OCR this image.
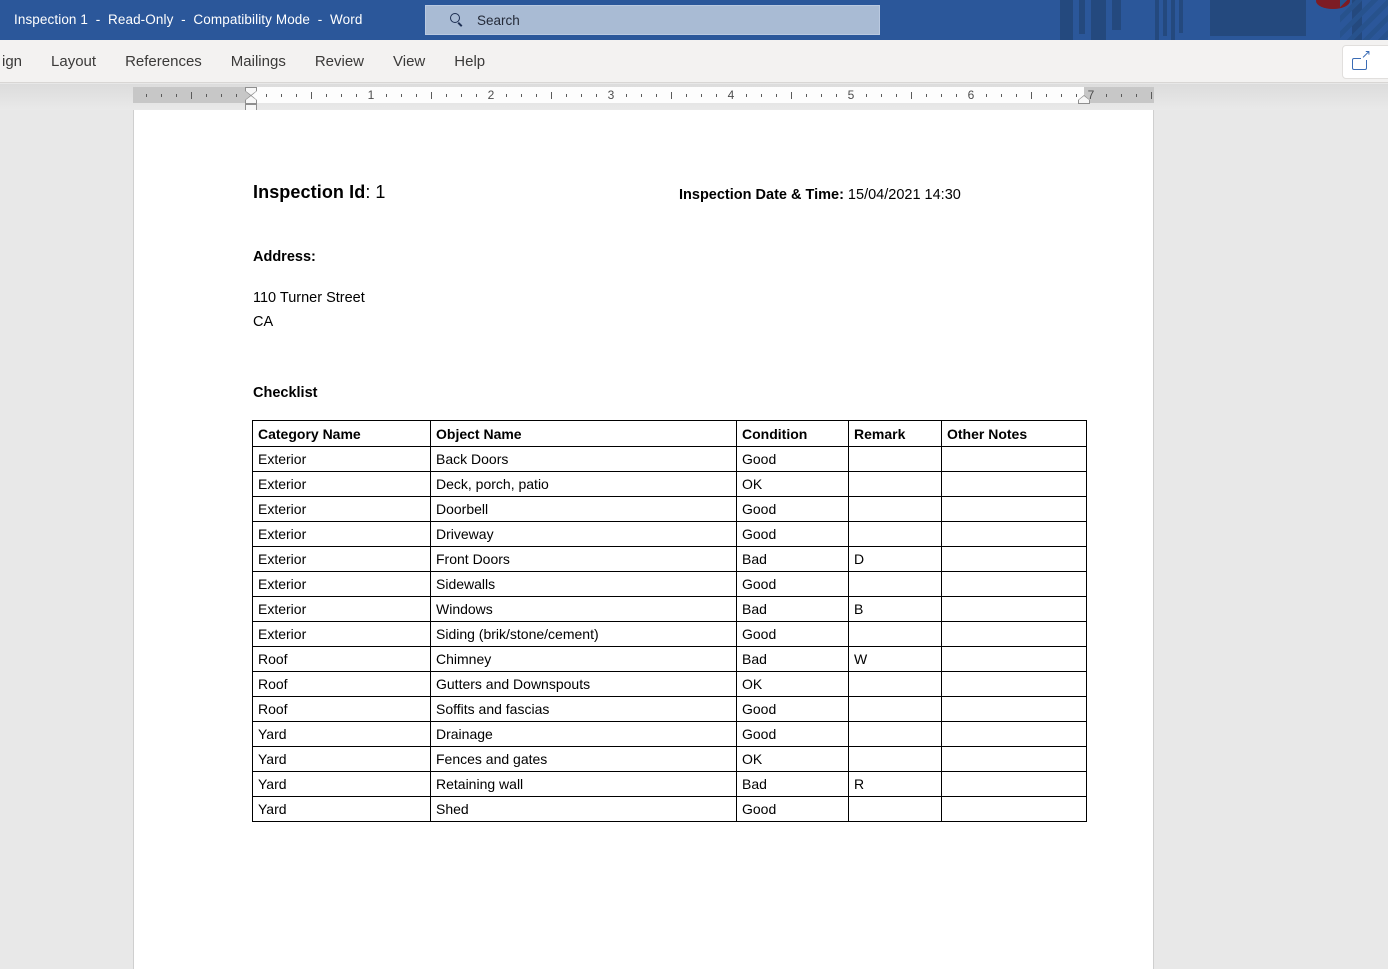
Inspection 1  -  Read-Only  -  Compatibility Mode  -  Word	Search
ign Layout References Mailings Review View Help
↗
1	2	3	4	5	6	7
Inspection Id: 1	Inspection Date & Time: 15/04/2021 14:30
Address:
110 Turner Street
CA
Checklist
Category Name	Object Name	Condition	Remark	Other Notes
Exterior	Back Doors	Good		
Exterior	Deck, porch, patio	OK		
Exterior	Doorbell	Good		
Exterior	Driveway	Good		
Exterior	Front Doors	Bad	D	
Exterior	Sidewalls	Good		
Exterior	Windows	Bad	B	
Exterior	Siding (brik/stone/cement)	Good		
Roof	Chimney	Bad	W	
Roof	Gutters and Downspouts	OK		
Roof	Soffits and fascias	Good		
Yard	Drainage	Good		
Yard	Fences and gates	OK		
Yard	Retaining wall	Bad	R	
Yard	Shed	Good		
